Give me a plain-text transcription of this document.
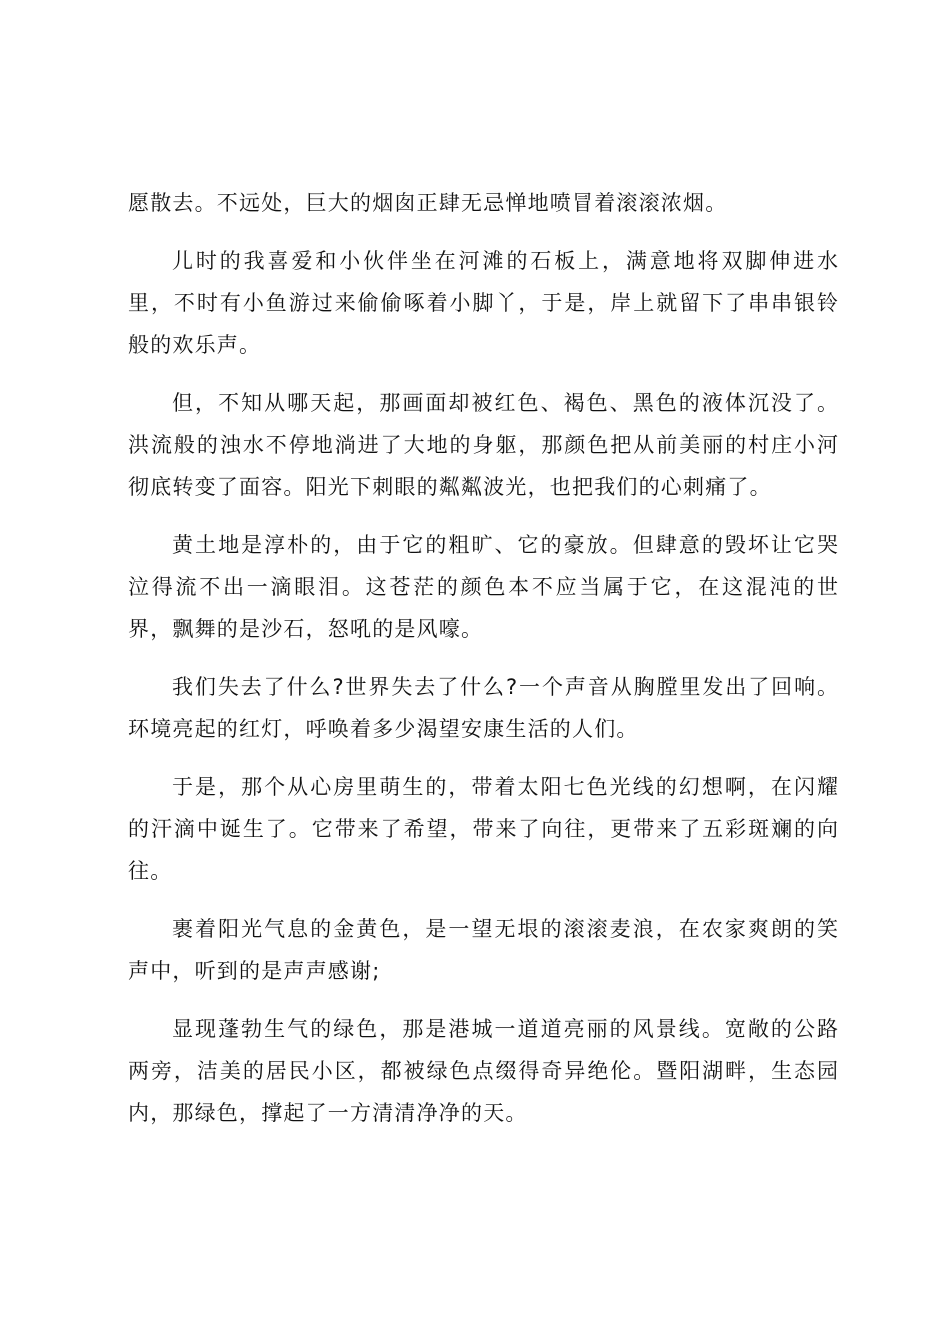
愿散去。不远处，巨大的烟囱正肆无忌惮地喷冒着滚滚浓烟。
儿时的我喜爱和小伙伴坐在河滩的石板上，满意地将双脚伸进水
里，不时有小鱼游过来偷偷啄着小脚丫，于是，岸上就留下了串串银铃
般的欢乐声。
但，不知从哪天起，那画面却被红色、褐色、黑色的液体沉没了。
洪流般的浊水不停地淌进了大地的身躯，那颜色把从前美丽的村庄小河
彻底转变了面容。阳光下刺眼的粼粼波光，也把我们的心刺痛了。
黄土地是淳朴的，由于它的粗旷、它的豪放。但肆意的毁坏让它哭
泣得流不出一滴眼泪。这苍茫的颜色本不应当属于它，在这混沌的世
界，飘舞的是沙石，怒吼的是风嚎。
我们失去了什么?世界失去了什么?一个声音从胸膛里发出了回响。
环境亮起的红灯，呼唤着多少渴望安康生活的人们。
于是，那个从心房里萌生的，带着太阳七色光线的幻想啊，在闪耀
的汗滴中诞生了。它带来了希望，带来了向往，更带来了五彩斑斓的向
往。
裹着阳光气息的金黄色，是一望无垠的滚滚麦浪，在农家爽朗的笑
声中，听到的是声声感谢;
显现蓬勃生气的绿色，那是港城一道道亮丽的风景线。宽敞的公路
两旁，洁美的居民小区，都被绿色点缀得奇异绝伦。暨阳湖畔，生态园
内，那绿色，撑起了一方清清净净的天。
